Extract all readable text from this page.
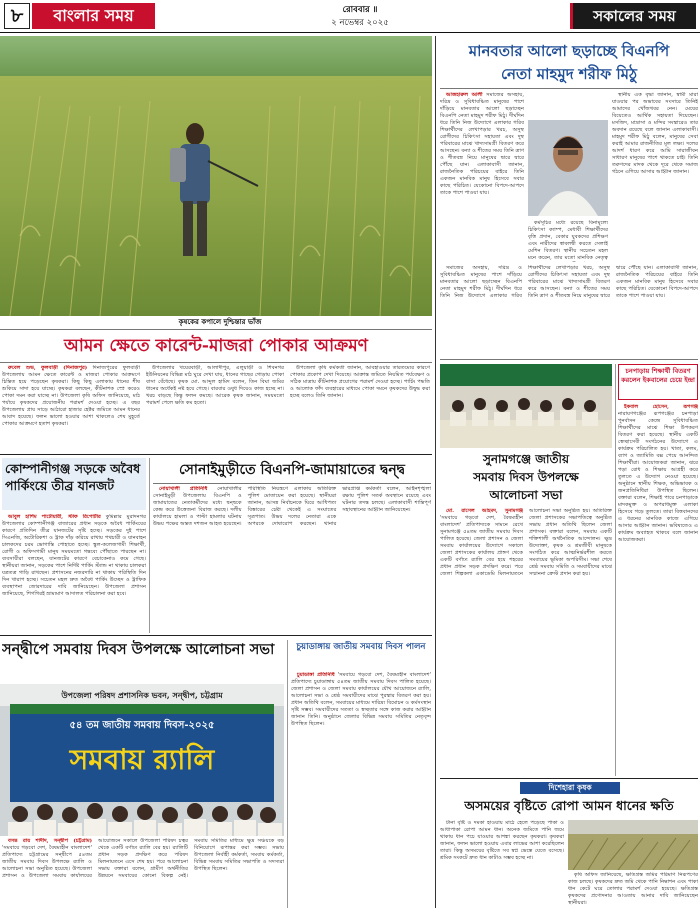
৮	বাংলার সময়	রোববার ॥
২ নভেম্বর ২০২৫	সকালের সময়
কৃষকের কপালে দুশ্চিন্তার ভাঁজ
আমন ক্ষেতে কারেন্ট-মাজরা পোকার আক্রমণ

রুবেল শুভ, ফুলবাড়ী (দিনাজপুর) দিনাজপুরের ফুলবাড়ী উপজেলায় আমন ক্ষেতে কারেন্ট ও মাজরা পোকার আক্রমণে চিন্তিত হয়ে পড়েছেন কৃষকরা। কিছু কিছু এলাকায় ধানের শীষ শুকিয়ে সাদা হয়ে যাচ্ছে। কৃষকরা বলছেন, কীটনাশক স্প্রে করেও পোকা দমন করা যাচ্ছে না। উপজেলা কৃষি অফিস জানিয়েছে, মাঠ পর্যায়ে কৃষকদের প্রয়োজনীয় পরামর্শ দেওয়া হচ্ছে। এ বছর উপজেলায় প্রায় সাড়ে আঠারো হাজার হেক্টর জমিতে আমন ধানের আবাদ হয়েছে। ফলন ভালো হওয়ার আশা থাকলেও শেষ মুহূর্তে পোকার আক্রমণে হতাশ কৃষকরা।

উপজেলার খয়েরবাড়ী, আলাদীপুর, এলুয়াড়ী ও শিবনগর ইউনিয়নের বিভিন্ন মাঠ ঘুরে দেখা যায়, ধানের গাছের গোড়ায় পোকা বাসা বেঁধেছে। কৃষক মো. আব্দুল হামিদ বলেন, তিন বিঘা জমির ধানের অর্ধেকই নষ্ট হয়ে গেছে। বারবার ওষুধ দিয়েও কাজ হচ্ছে না। খরচ বাড়ছে কিন্তু ফলন কমছে। আরেক কৃষক জানান, সময়মতো পরামর্শ পেলে ক্ষতি কম হতো।

উপজেলা কৃষি কর্মকর্তা জানান, আবহাওয়ার তারতম্যের কারণে পোকার প্রকোপ দেখা দিয়েছে। আক্রান্ত জমিতে নিয়মিত পর্যবেক্ষণ ও সঠিক মাত্রায় কীটনাশক প্রয়োগের পরামর্শ দেওয়া হচ্ছে। পার্চিং পদ্ধতি ও আলোক ফাঁদ ব্যবহারের মাধ্যমে পোকা দমনে কৃষকদের উদ্বুদ্ধ করা হচ্ছে বলেও তিনি জানান।

কোম্পানীগঞ্জ সড়কে অবৈধ পার্কিংয়ে তীব্র যানজট

আবুল হাশিম পাটোয়ারী, স্টাফ রিপোর্টার কুমিল্লার মুরাদনগর উপজেলার কোম্পানীগঞ্জ বাজারের প্রধান সড়কে অবৈধ পার্কিংয়ের কারণে প্রতিদিন তীব্র যানজটের সৃষ্টি হচ্ছে। সড়কের দুই পাশে সিএনজি, অটোরিকশা ও ট্রাক দাঁড় করিয়ে রাখায় পথচারী ও যানবাহন চালকদের চরম ভোগান্তি পোহাতে হচ্ছে। স্কুল-কলেজগামী শিক্ষার্থী, রোগী ও অফিসগামী মানুষ সময়মতো গন্তব্যে পৌঁছাতে পারছেন না। ব্যবসায়ীরা বলছেন, যানজটের কারণে বেচাকেনাও কমে গেছে। স্থানীয়রা জানান, সড়কের পাশে নির্দিষ্ট পার্কিং স্ট্যান্ড না থাকায় চালকরা যত্রতত্র গাড়ি রাখছেন। প্রশাসনের নজরদারি না থাকায় পরিস্থিতি দিন দিন খারাপ হচ্ছে। সচেতন মহল দ্রুত অবৈধ পার্কিং উচ্ছেদ ও ট্রাফিক ব্যবস্থাপনা জোরদারের দাবি জানিয়েছেন। উপজেলা প্রশাসন জানিয়েছে, শিগগিরই ভ্রাম্যমাণ আদালত পরিচালনা করা হবে।

সোনাইমুড়ীতে বিএনপি-জামায়াতের দ্বন্দ্ব

নোয়াখালী প্রতিনিধি নোয়াখালীর সোনাইমুড়ী উপজেলায় বিএনপি ও জামায়াতের নেতাকর্মীদের মধ্যে দ্বন্দ্বকে কেন্দ্র করে উত্তেজনা বিরাজ করছে। দলীয় কার্যালয়ে হামলা ও পাল্টা হামলার ঘটনায় উভয় পক্ষের অন্তত দশজন আহত হয়েছেন। পরিস্থিতি নিয়ন্ত্রণে এলাকায় অতিরিক্ত পুলিশ মোতায়েন করা হয়েছে। স্থানীয়রা জানান, আসন্ন নির্বাচনকে ঘিরে আধিপত্য বিস্তারের চেষ্টা থেকেই এ সংঘাতের সূত্রপাত। উভয় দলের নেতারা একে অপরকে দোষারোপ করছেন। থানার ভারপ্রাপ্ত কর্মকর্তা বলেন, আইনশৃঙ্খলা রক্ষায় পুলিশ সতর্ক অবস্থানে রয়েছে এবং ঘটনার তদন্ত চলছে। এলাকাবাসী শান্তিপূর্ণ সহাবস্থানের আহ্বান জানিয়েছেন।

সন্দ্বীপে সমবায় দিবস উপলক্ষে আলোচনা সভা
উপজেলা পরিষদ প্রশাসনিক ভবন, সন্দ্বীপ, চট্টগ্রাম
৫৪ তম জাতীয় সমবায় দিবস-২০২৫
সমবায় র‍্যালি

বসন্ত রায় শাদীদ, সন্দ্বীপ (চট্টগ্রাম) 'সমবায়ে গড়বো দেশ, বৈষম্যহীন বাংলাদেশ' প্রতিপাদ্যে চট্টগ্রামের সন্দ্বীপে ৫৪তম জাতীয় সমবায় দিবস উপলক্ষে র‍্যালি ও আলোচনা সভা অনুষ্ঠিত হয়েছে। উপজেলা প্রশাসন ও উপজেলা সমবায় কার্যালয়ের আয়োজনে সকালে উপজেলা পরিষদ চত্বর থেকে একটি বর্ণাঢ্য র‍্যালি বের হয়। র‍্যালিটি প্রধান সড়ক প্রদক্ষিণ করে পরিষদ মিলনায়তনে এসে শেষ হয়। পরে আলোচনা সভায় বক্তারা বলেন, গ্রামীণ অর্থনীতির উন্নয়নে সমবায়ের কোনো বিকল্প নেই। সমবায় সমিতির মাধ্যমে ক্ষুদ্র সঞ্চয়কে বড় বিনিয়োগে রূপান্তর করা সম্ভব। সভায় উপজেলা নির্বাহী কর্মকর্তা, সমবায় কর্মকর্তা, বিভিন্ন সমবায় সমিতির সভাপতি ও সদস্যরা উপস্থিত ছিলেন।

চুয়াডাঙ্গায় জাতীয় সমবায় দিবস পালন

চুয়াডাঙ্গা প্রতিনিধি 'সমবায়ে গড়বো দেশ, বৈষম্যহীন বাংলাদেশ' প্রতিপাদ্যে চুয়াডাঙ্গায় ৫৪তম জাতীয় সমবায় দিবস পালিত হয়েছে। জেলা প্রশাসন ও জেলা সমবায় কার্যালয়ের যৌথ আয়োজনে র‍্যালি, আলোচনা সভা ও শ্রেষ্ঠ সমবায়ীদের মাঝে পুরস্কার বিতরণ করা হয়। প্রধান অতিথি বলেন, সমবায়ের মাধ্যমে দারিদ্র্য বিমোচন ও কর্মসংস্থান সৃষ্টি সম্ভব। সমবায়ীদের সততা ও স্বচ্ছতার সঙ্গে কাজ করার আহ্বান জানান তিনি। অনুষ্ঠানে জেলার বিভিন্ন সমবায় সমিতির নেতৃবৃন্দ উপস্থিত ছিলেন।

মানবতার আলো ছড়াচ্ছে বিএনপি
নেতা মাহমুদ শরীফ মিঠু

আজহারুল আলী সমাজের অসহায়, দরিদ্র ও সুবিধাবঞ্চিত মানুষের পাশে দাঁড়িয়ে মানবতার আলো ছড়াচ্ছেন বিএনপি নেতা মাহমুদ শরীফ মিঠু। দীর্ঘদিন ধরে তিনি নিজ উদ্যোগে এলাকার গরিব শিক্ষার্থীদের লেখাপড়ার খরচ, অসুস্থ রোগীদের চিকিৎসা সহায়তা এবং দুস্থ পরিবারের মাঝে খাদ্যসামগ্রী বিতরণ করে আসছেন। বন্যা ও শীতের সময় তিনি ত্রাণ ও শীতবস্ত্র নিয়ে মানুষের দ্বারে দ্বারে পৌঁছে যান। এলাকাবাসী জানান, রাজনৈতিক পরিচয়ের বাইরে তিনি একজন মানবিক মানুষ হিসেবে সবার কাছে পরিচিত। যেকোনো বিপদে-আপদে তাকে পাশে পাওয়া যায়।

কর্মসূচির মধ্যে রয়েছে বিনামূল্যে চিকিৎসা ক্যাম্প, মেধাবী শিক্ষার্থীদের বৃত্তি প্রদান, বেকার যুবকদের প্রশিক্ষণ এবং নারীদের স্বাবলম্বী করতে সেলাই মেশিন বিতরণ। স্থানীয় সচেতন মহল মনে করেন, তার মতো মানবিক নেতৃত্ব

স্থানীয় এক বৃদ্ধা জানান, স্বামী মারা যাওয়ার পর অভাবের সংসারে তিনিই আমাদের খোঁজখবর নেন। মেয়ের বিয়েতেও আর্থিক সহায়তা দিয়েছেন। মসজিদ, মাদ্রাসা ও মন্দির সংস্কারেও তার অবদান রয়েছে বলে জানান এলাকাবাসী। মাহমুদ শরীফ মিঠু বলেন, মানুষের সেবা করাই আমার রাজনীতির মূল লক্ষ্য। দলের আদর্শ ধারণ করে আমি সারাজীবন সাধারণ মানুষের পাশে থাকতে চাই। তিনি তরুণদের মাদক থেকে দূরে থেকে সমাজ গঠনে এগিয়ে আসার আহ্বান জানান।

সমাজের অসহায়, দরিদ্র ও সুবিধাবঞ্চিত মানুষের পাশে দাঁড়িয়ে মানবতার আলো ছড়াচ্ছেন বিএনপি নেতা মাহমুদ শরীফ মিঠু। দীর্ঘদিন ধরে তিনি নিজ উদ্যোগে এলাকার গরিব শিক্ষার্থীদের লেখাপড়ার খরচ, অসুস্থ রোগীদের চিকিৎসা সহায়তা এবং দুস্থ পরিবারের মাঝে খাদ্যসামগ্রী বিতরণ করে আসছেন। বন্যা ও শীতের সময় তিনি ত্রাণ ও শীতবস্ত্র নিয়ে মানুষের দ্বারে দ্বারে পৌঁছে যান। এলাকাবাসী জানান, রাজনৈতিক পরিচয়ের বাইরে তিনি একজন মানবিক মানুষ হিসেবে সবার কাছে পরিচিত। যেকোনো বিপদে-আপদে তাকে পাশে পাওয়া যায়।

সুনামগঞ্জে জাতীয়
সমবায় দিবস উপলক্ষে
আলোচনা সভা

মো. রাসেল আহমদ, সুনামগঞ্জ 'সমবায়ে গড়বো দেশ, বৈষম্যহীন বাংলাদেশ' প্রতিপাদ্যকে সামনে রেখে সুনামগঞ্জে ৫৪তম জাতীয় সমবায় দিবস পালিত হয়েছে। জেলা প্রশাসন ও জেলা সমবায় কার্যালয়ের উদ্যোগে সকালে জেলা প্রশাসকের কার্যালয় প্রাঙ্গণ থেকে একটি বর্ণাঢ্য র‍্যালি বের হয়ে শহরের প্রধান প্রধান সড়ক প্রদক্ষিণ করে। পরে জেলা শিল্পকলা একাডেমি মিলনায়তনে আলোচনা সভা অনুষ্ঠিত হয়। অতিরিক্ত জেলা প্রশাসকের সভাপতিত্বে অনুষ্ঠিত সভায় প্রধান অতিথি ছিলেন জেলা প্রশাসক। বক্তারা বলেন, সমবায় একটি শক্তিশালী অর্থনৈতিক আন্দোলন। ক্ষুদ্র উদ্যোক্তা, কৃষক ও শ্রমজীবী মানুষকে সংগঠিত করে আত্মনির্ভরশীল করতে সমবায়ের ভূমিকা অপরিসীম। সভা শেষে শ্রেষ্ঠ সমবায় সমিতি ও সমবায়ীদের মাঝে সম্মাননা ক্রেস্ট প্রদান করা হয়।

চনপাড়ায় শিক্ষার্থী বিতরণ
করলেন ইকবালের চেয়ে ইন্দ্রা

ইকবাল হোসেন, রূপগঞ্জ নারায়ণগঞ্জের রূপগঞ্জের চনপাড়া পুনর্বাসন কেন্দ্রে সুবিধাবঞ্চিত শিক্ষার্থীদের মাঝে শিক্ষা উপকরণ বিতরণ করা হয়েছে। স্থানীয় একটি স্বেচ্ছাসেবী সংগঠনের উদ্যোগে এ কার্যক্রম পরিচালিত হয়। খাতা, কলম, ব্যাগ ও জ্যামিতি বক্স পেয়ে আনন্দিত শিক্ষার্থীরা। আয়োজকরা জানান, ঝরে পড়া রোধ ও শিক্ষায় আগ্রহী করে তুলতে এ উদ্যোগ নেওয়া হয়েছে। অনুষ্ঠানে স্থানীয় শিক্ষক, অভিভাবক ও জনপ্রতিনিধিরা উপস্থিত ছিলেন। বক্তারা বলেন, শিক্ষাই পারে চনপাড়াকে মাদকমুক্ত ও অপরাধমুক্ত এলাকা হিসেবে গড়ে তুলতে। তারা বিত্তবানদের এ ধরনের মানবিক কাজে এগিয়ে আসার আহ্বান জানান। ভবিষ্যতেও এ কার্যক্রম অব্যাহত থাকবে বলে জানান আয়োজকরা।

দিশেহারা কৃষক
অসময়ের বৃষ্টিতে রোপা আমন ধানের ক্ষতি

টানা বৃষ্টি ও দমকা হাওয়ায় মাঠে হেলে পড়েছে পাকা ও আধাপাকা রোপা আমন ধান। অনেক জমিতে পানি জমে থাকায় ধান পচে যাওয়ার আশঙ্কা করছেন কৃষকরা। কৃষকরা জানান, ফলন ভালো হওয়ায় এবার লাভের আশা করেছিলেন তারা। কিন্তু অসময়ের বৃষ্টিতে সব স্বপ্ন ভেস্তে যেতে বসেছে। শ্রমিক সংকটে দ্রুত ধান কাটাও সম্ভব হচ্ছে না।

কৃষি অফিস জানিয়েছে, ক্ষতিগ্রস্ত জমির পরিমাণ নিরূপণের কাজ চলছে। কৃষকদের দ্রুত জমি থেকে পানি নিষ্কাশন এবং পাকা ধান কেটে ঘরে তোলার পরামর্শ দেওয়া হয়েছে। ক্ষতিগ্রস্ত কৃষকদের প্রণোদনার আওতায় আনার দাবি জানিয়েছেন স্থানীয়রা।
